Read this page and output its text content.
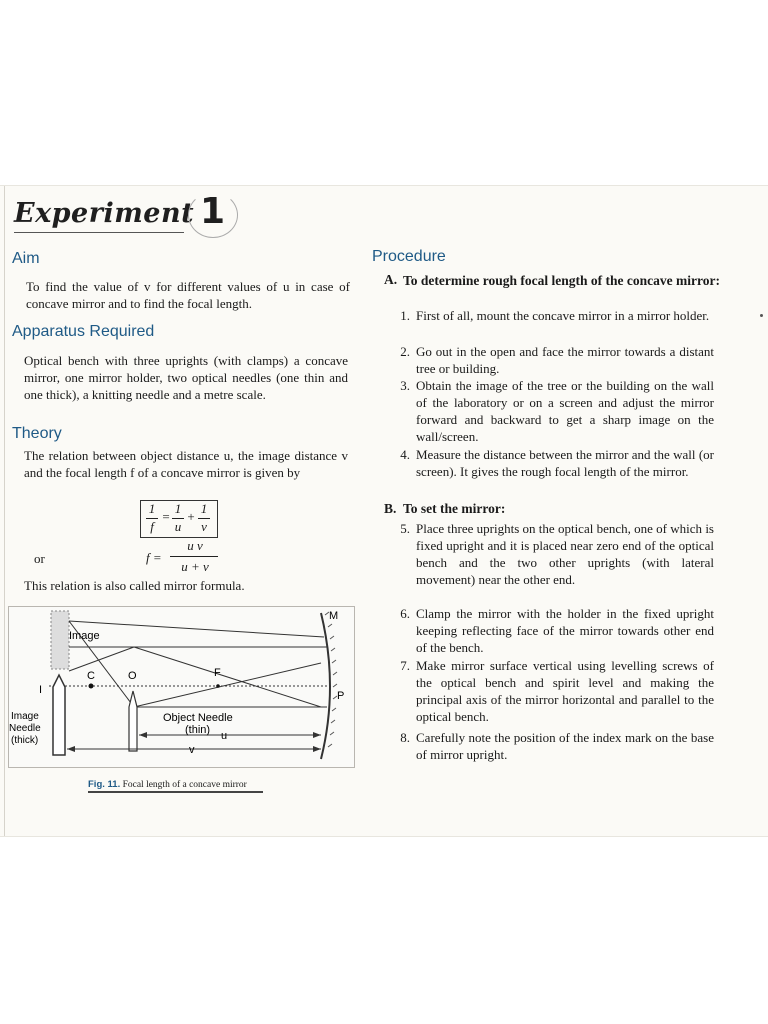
Experiment 1
Aim

To find the value of v for different values of u in case of concave mirror and to find the focal length.

Apparatus Required

Optical bench with three uprights (with clamps) a concave mirror, one mirror holder, two optical needles (one thin and one thick), a knitting needle and a metre scale.

Theory

The relation between object distance u, the image distance v and the focal length f of a concave mirror is given by

1
f
=
1
u
+
1
v
or	f =
u v
u + v

This relation is also called mirror formula.

Image
I
C	O	F
M
P
Image
Needle
(thick)
Object Needle
(thin) u
v
Fig. 11. Focal length of a concave mirror
Procedure
A. To determine rough focal length of the concave mirror:

1. First of all, mount the concave mirror in a mirror holder.
2. Go out in the open and face the mirror towards a distant tree or building.
3. Obtain the image of the tree or the building on the wall of the laboratory or on a screen and adjust the mirror forward and backward to get a sharp image on the wall/screen.
4. Measure the distance between the mirror and the wall (or screen). It gives the rough focal length of the mirror.
B. To set the mirror:

5. Place three uprights on the optical bench, one of which is fixed upright and it is placed near zero end of the optical bench and the two other uprights (with lateral movement) near the other end.
6. Clamp the mirror with the holder in the fixed upright keeping reflecting face of the mirror towards other end of the bench.
7. Make mirror surface vertical using levelling screws of the optical bench and spirit level and making the principal axis of the mirror horizontal and parallel to the optical bench.
8. Carefully note the position of the index mark on the base of mirror upright.
